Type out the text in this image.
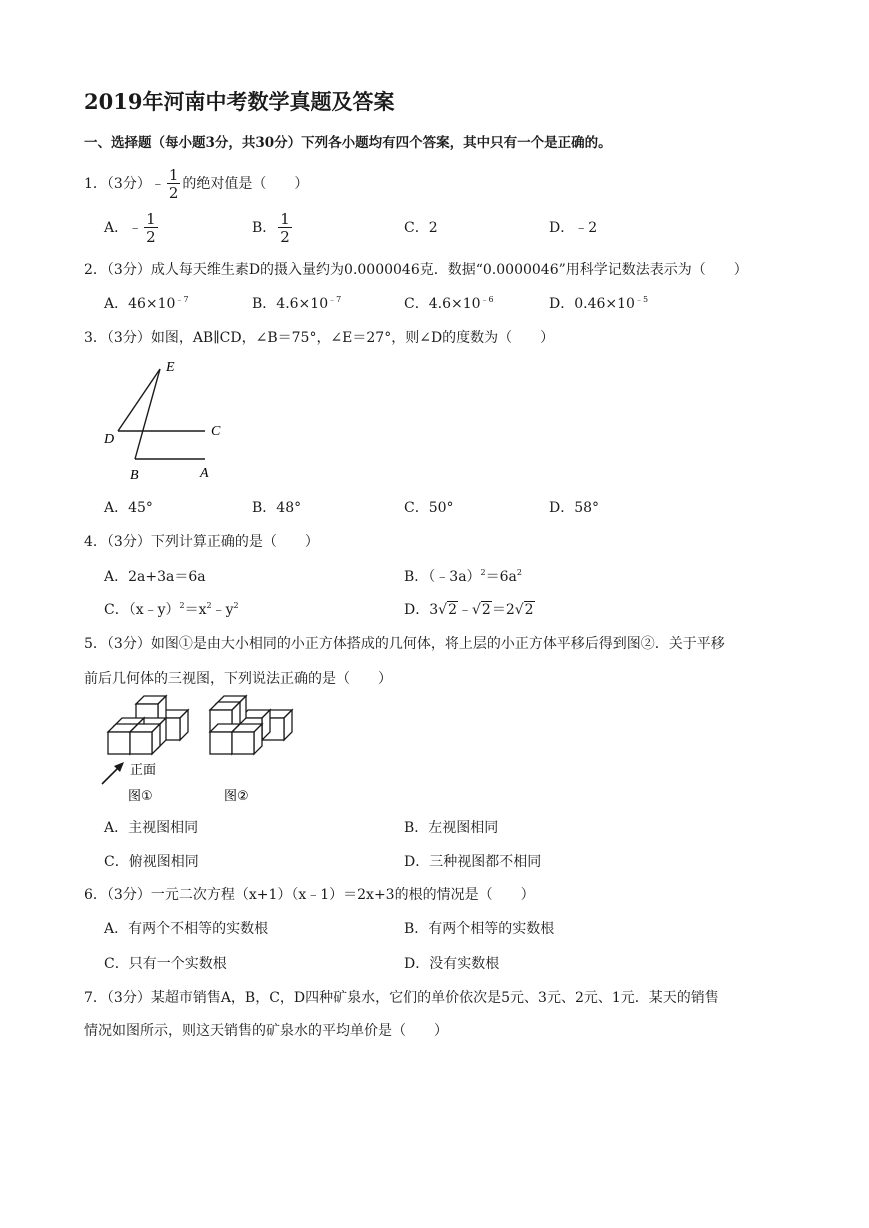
2019年河南中考数学真题及答案
一、选择题（每小题3分，共30分）下列各小题均有四个答案，其中只有一个是正确的。
1．（3分）﹣ $\frac{1}{2}$ 的绝对值是（　　）
A．﹣ $\frac{1}{2}$	B． $\frac{1}{2}$	C．2	D．﹣2
2．（3分）成人每天维生素D的摄入量约为0.0000046克．数据“0.0000046”用科学记数法表示为（　　）
A．$46\times 10^{﹣7}$	B．$4.6\times 10^{﹣7}$	C．$4.6\times 10^{﹣6}$	D．$0.46\times 10^{﹣5}$
3．（3分）如图，AB∥CD，∠B＝75°，∠E＝27°，则∠D的度数为（　　）
E
D
C
B	A
A．45°	B．48°	C．50°	D．58°
4．（3分）下列计算正确的是（　　）
A．2a+3a＝6a	B．$(﹣3a)^2=6a^2$
C．$(x﹣y)^2=x^2﹣y^2$	D．3√2﹣√2＝2√2
5．（3分）如图①是由大小相同的小正方体搭成的几何体，将上层的小正方体平移后得到图②．关于平移
前后几何体的三视图，下列说法正确的是（　　）
正面
图①	图②
A．主视图相同	B．左视图相同
C．俯视图相同	D．三种视图都不相同
6．（3分）一元二次方程（x+1）（x﹣1）＝2x+3的根的情况是（　　）
A．有两个不相等的实数根	B．有两个相等的实数根
C．只有一个实数根	D．没有实数根
7．（3分）某超市销售A，B，C，D四种矿泉水，它们的单价依次是5元、3元、2元、1元．某天的销售
情况如图所示，则这天销售的矿泉水的平均单价是（　　）
